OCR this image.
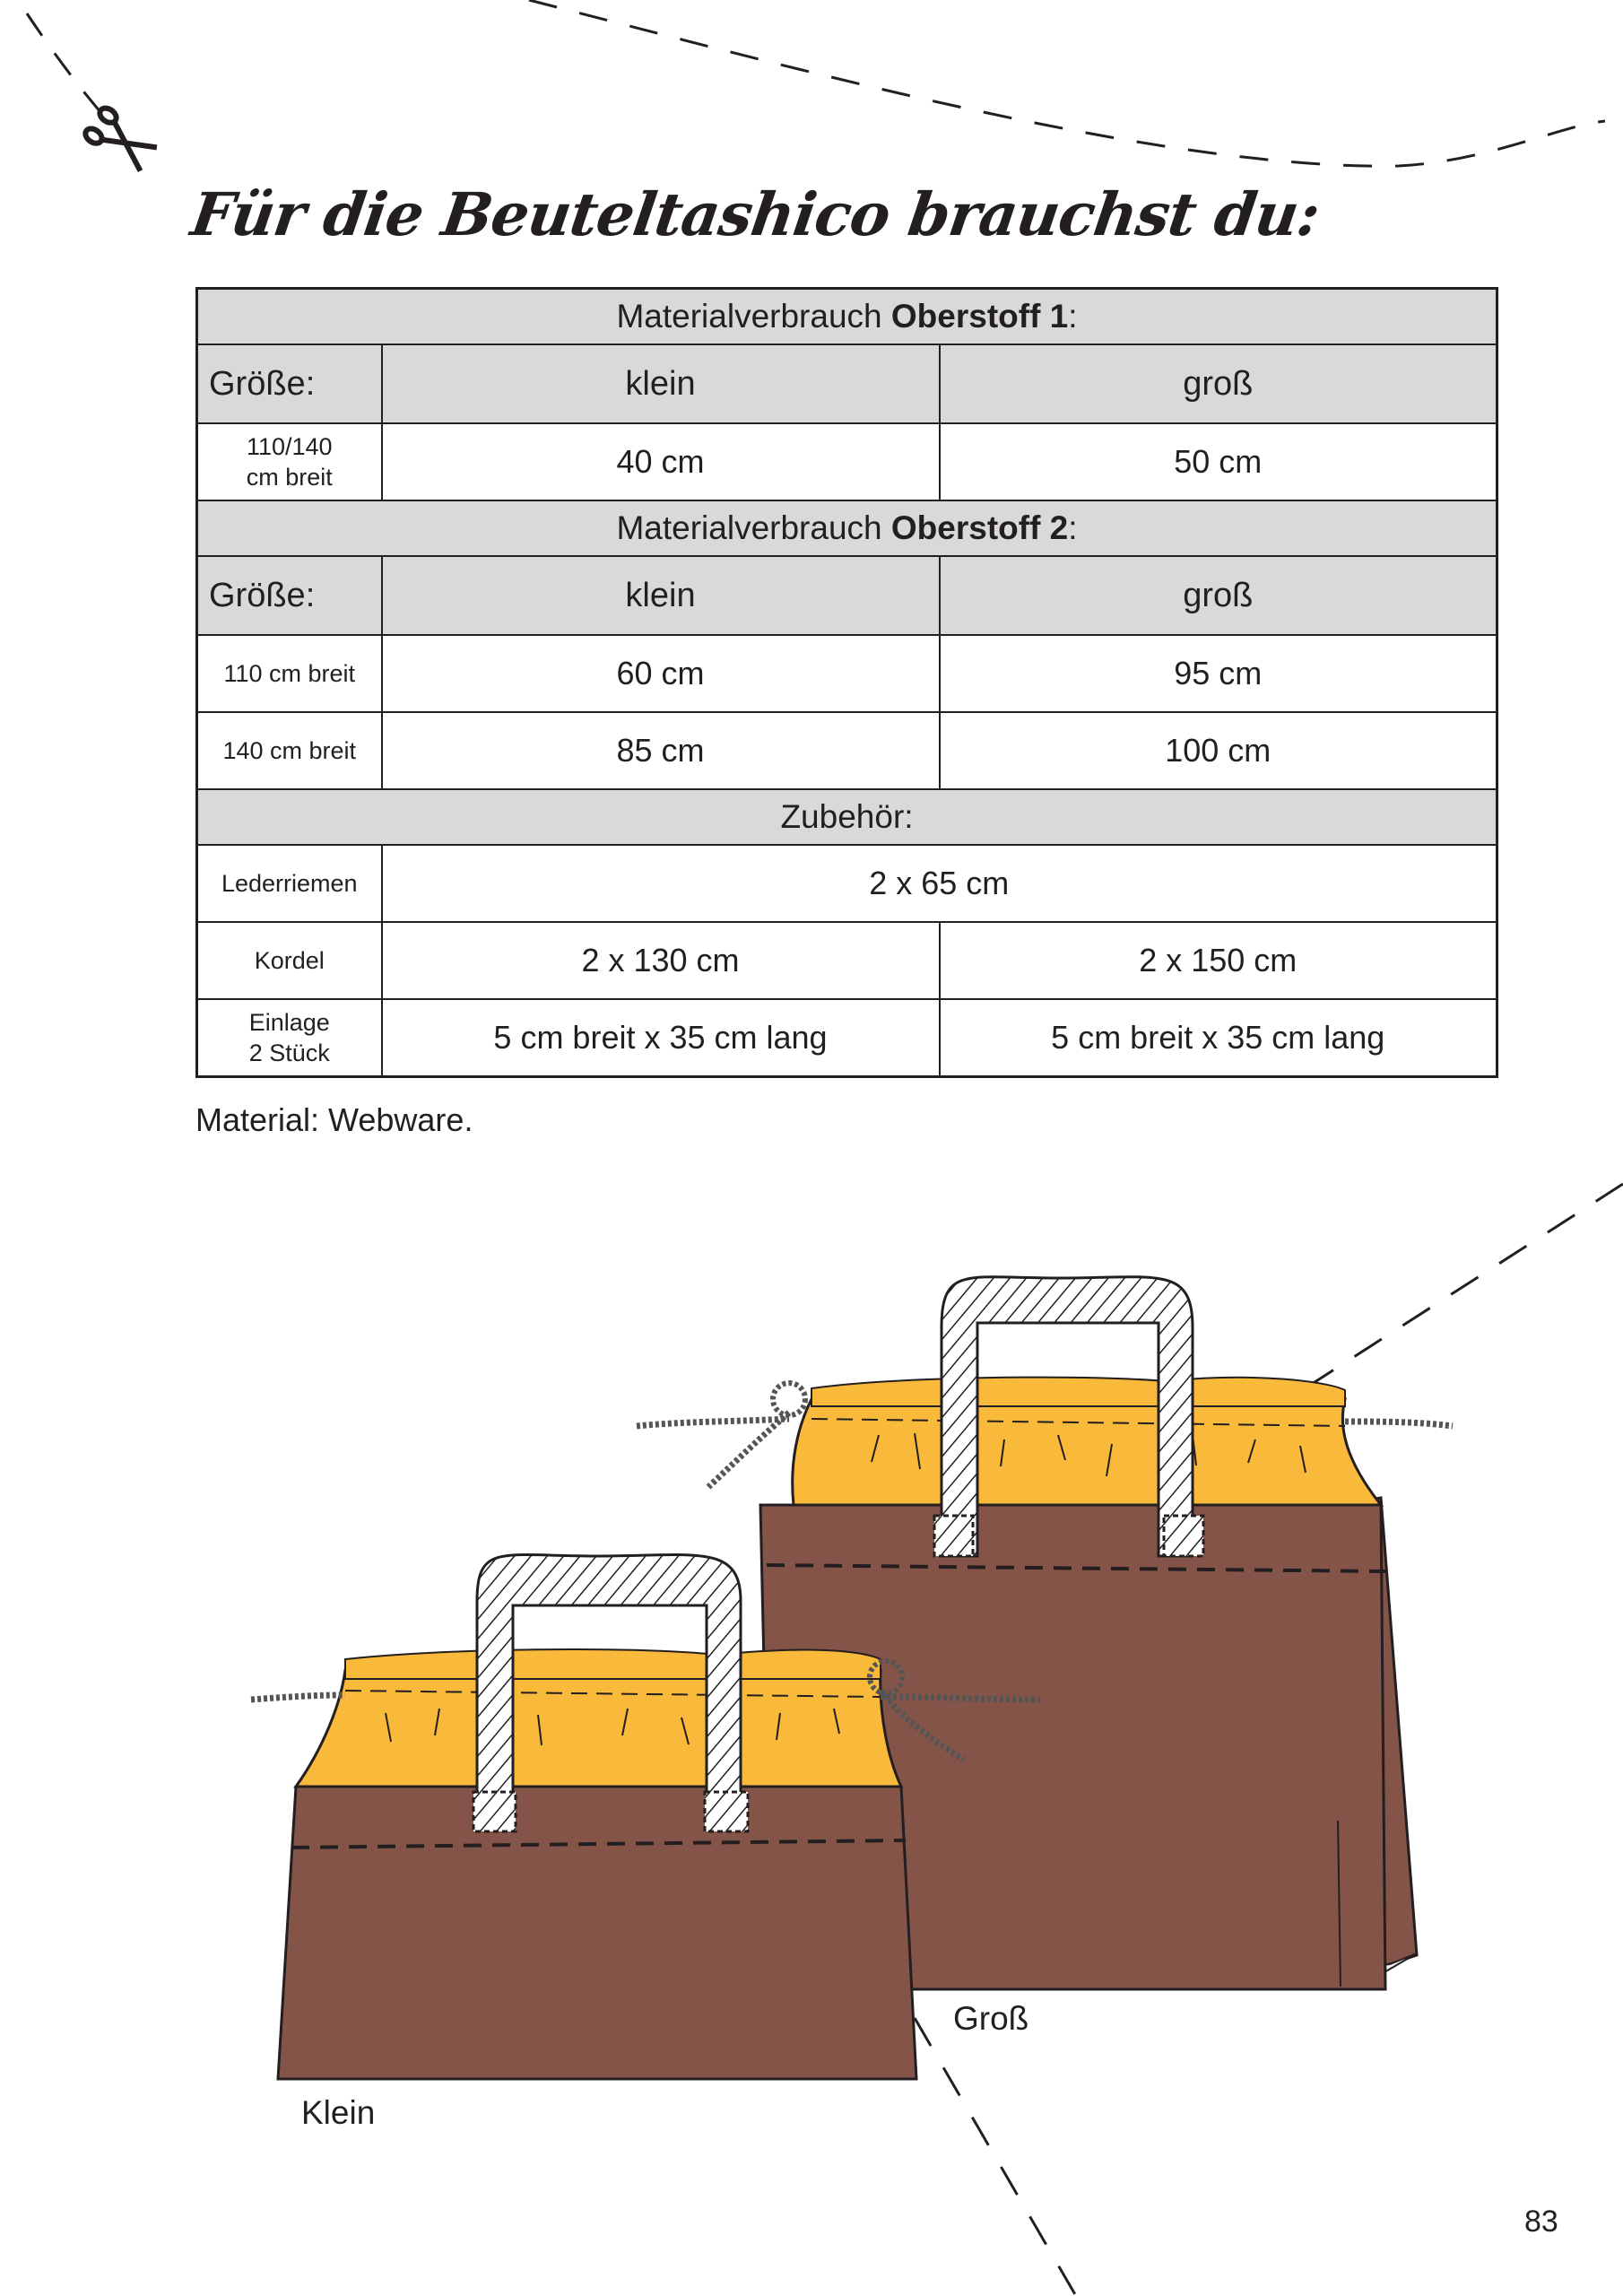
Für die Beuteltashico brauchst du:
Materialverbrauch Oberstoff 1:		
Größe:	klein	groß
110/140
cm breit	40 cm	50 cm
Materialverbrauch Oberstoff 2:		
Größe:	klein	groß
110 cm breit	60 cm	95 cm
140 cm breit	85 cm	100 cm
Zubehör:		
Lederriemen	2 x 65 cm	
Kordel	2 x 130 cm	2 x 150 cm
Einlage
2 Stück	5 cm breit x 35 cm lang	5 cm breit x 35 cm lang

Material: Webware.

Groß
Klein
83
